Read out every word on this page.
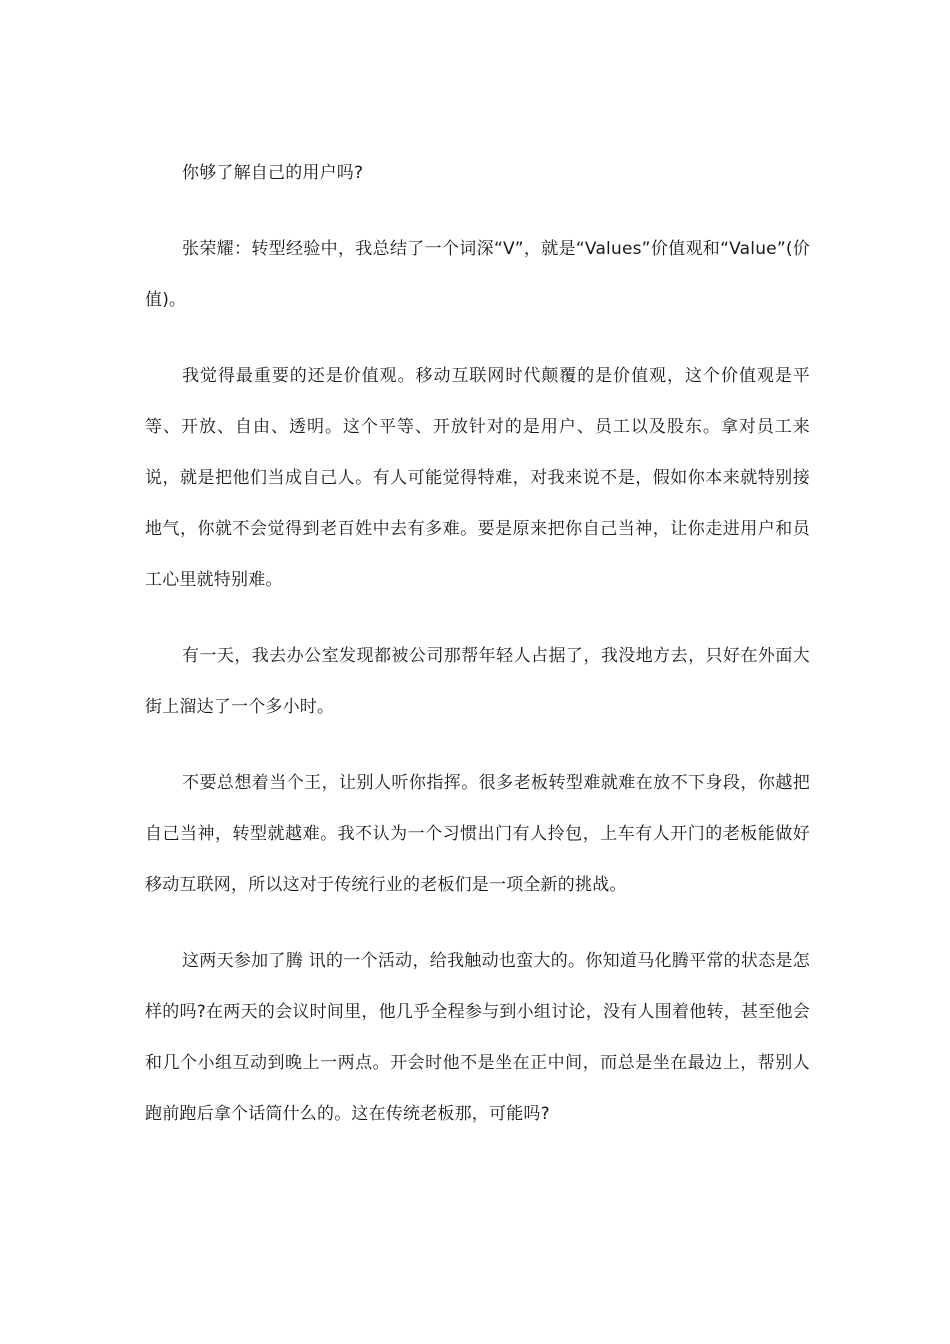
你够了解自己的用户吗?

张荣耀：转型经验中，我总结了一个词深“V”，就是“Values”价值观和“Value”(价值)。

我觉得最重要的还是价值观。移动互联网时代颠覆的是价值观，这个价值观是平等、开放、自由、透明。这个平等、开放针对的是用户、员工以及股东。拿对员工来说，就是把他们当成自己人。有人可能觉得特难，对我来说不是，假如你本来就特别接地气，你就不会觉得到老百姓中去有多难。要是原来把你自己当神，让你走进用户和员工心里就特别难。

有一天，我去办公室发现都被公司那帮年轻人占据了，我没地方去，只好在外面大街上溜达了一个多小时。

不要总想着当个王，让别人听你指挥。很多老板转型难就难在放不下身段，你越把自己当神，转型就越难。我不认为一个习惯出门有人拎包，上车有人开门的老板能做好移动互联网，所以这对于传统行业的老板们是一项全新的挑战。

这两天参加了腾 讯的一个活动，给我触动也蛮大的。你知道马化腾平常的状态是怎样的吗?在两天的会议时间里，他几乎全程参与到小组讨论，没有人围着他转，甚至他会和几个小组互动到晚上一两点。开会时他不是坐在正中间，而总是坐在最边上，帮别人跑前跑后拿个话筒什么的。这在传统老板那，可能吗?
